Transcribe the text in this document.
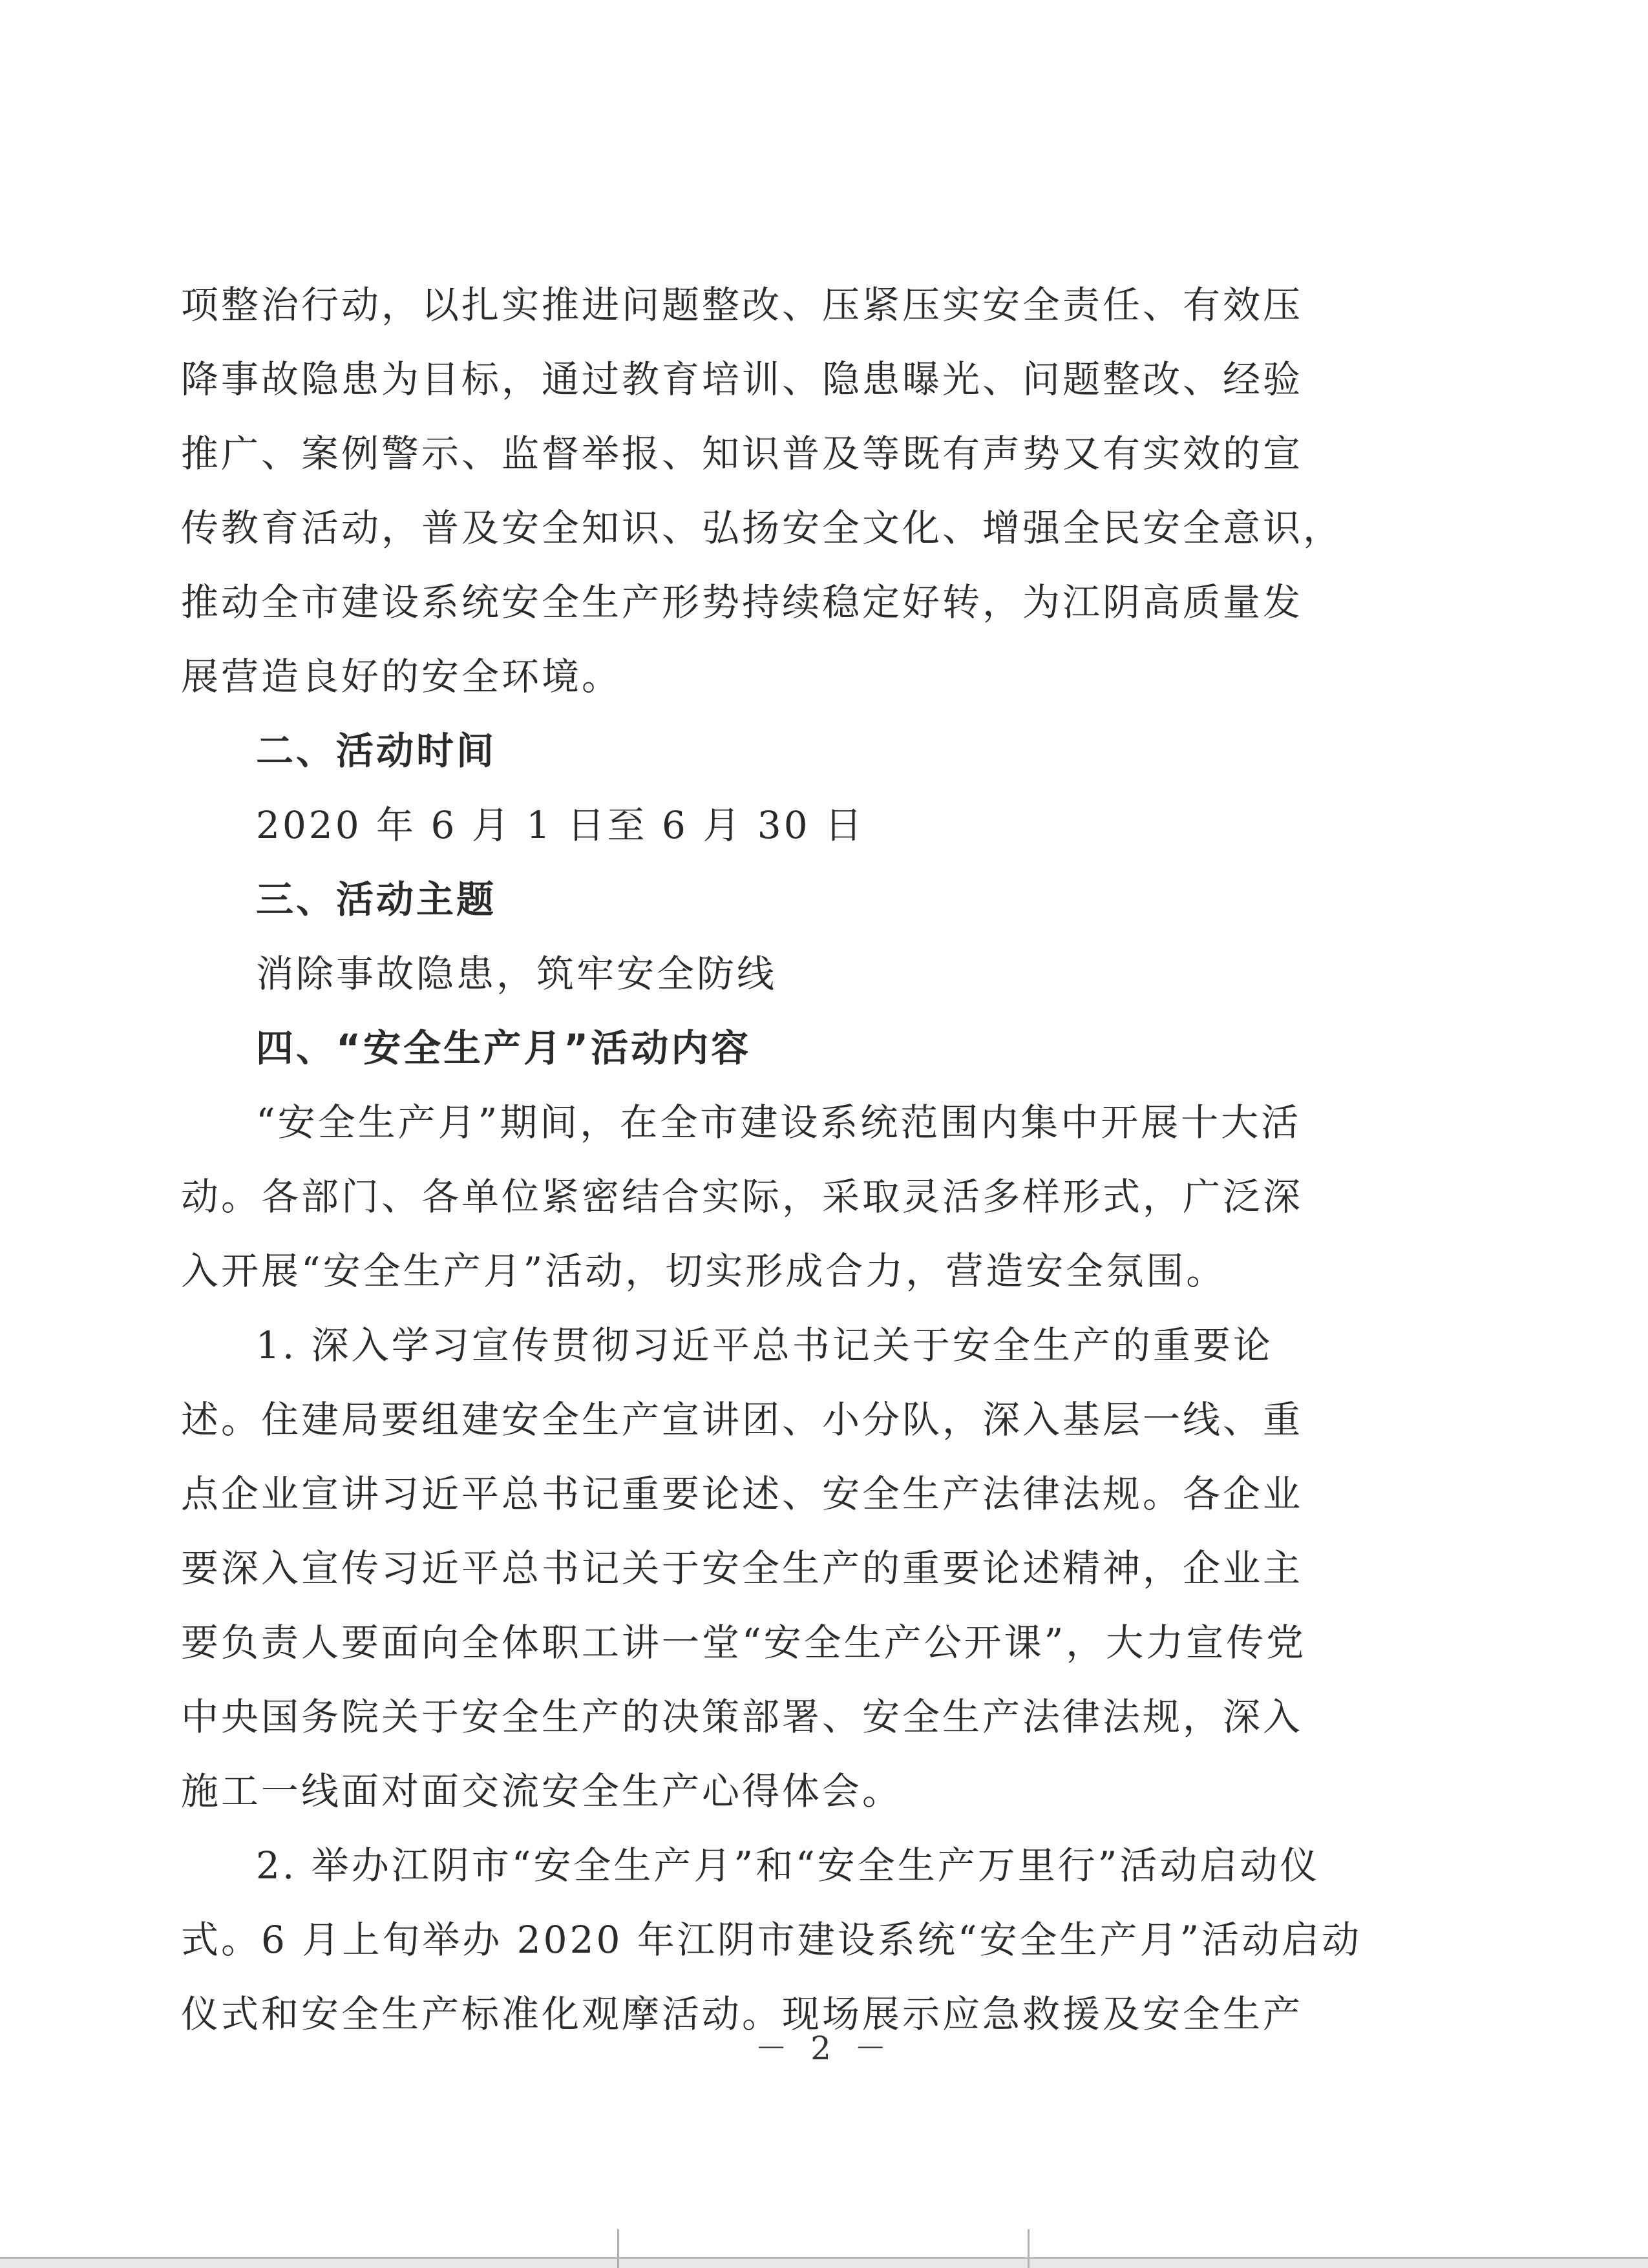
项整治行动，以扎实推进问题整改、压紧压实安全责任、有效压
降事故隐患为目标，通过教育培训、隐患曝光、问题整改、经验
推广、案例警示、监督举报、知识普及等既有声势又有实效的宣
传教育活动，普及安全知识、弘扬安全文化、增强全民安全意识，
推动全市建设系统安全生产形势持续稳定好转，为江阴高质量发
展营造良好的安全环境。
二、活动时间
2020 年 6 月 1 日至 6 月 30 日
三、活动主题
消除事故隐患，筑牢安全防线
四、“安全生产月”活动内容
“安全生产月”期间，在全市建设系统范围内集中开展十大活
动。各部门、各单位紧密结合实际，采取灵活多样形式，广泛深
入开展“安全生产月”活动，切实形成合力，营造安全氛围。
1. 深入学习宣传贯彻习近平总书记关于安全生产的重要论
述。住建局要组建安全生产宣讲团、小分队，深入基层一线、重
点企业宣讲习近平总书记重要论述、安全生产法律法规。各企业
要深入宣传习近平总书记关于安全生产的重要论述精神，企业主
要负责人要面向全体职工讲一堂“安全生产公开课”，大力宣传党
中央国务院关于安全生产的决策部署、安全生产法律法规，深入
施工一线面对面交流安全生产心得体会。
2. 举办江阴市“安全生产月”和“安全生产万里行”活动启动仪
式。6 月上旬举办 2020 年江阴市建设系统“安全生产月”活动启动
仪式和安全生产标准化观摩活动。现场展示应急救援及安全生产
－ 2 －
